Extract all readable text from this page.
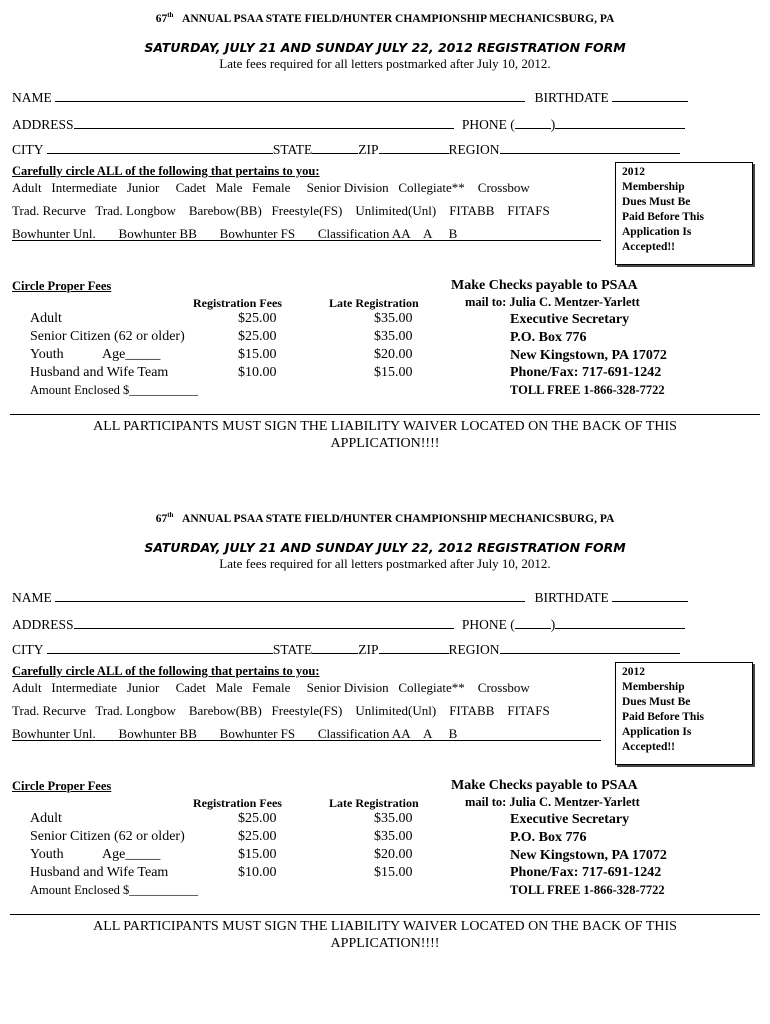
67th ANNUAL PSAA STATE FIELD/HUNTER CHAMPIONSHIP MECHANICSBURG, PA
SATURDAY, JULY 21 AND SUNDAY JULY 22, 2012 REGISTRATION FORM
Late fees required for all letters postmarked after July 10, 2012.
NAME	BIRTHDATE
ADDRESS	PHONE (	)
CITY	STATE	ZIP	REGION
Carefully circle ALL of the following that pertains to you:
Adult Intermediate Junior Cadet Male Female Senior Division Collegiate** Crossbow
Trad. Recurve Trad. Longbow Barebow(BB) Freestyle(FS) Unlimited(Unl) FITABB FITAFS
Bowhunter Unl. Bowhunter BB Bowhunter FS Classification AA A B
2012
Membership
Dues Must Be
Paid Before This
Application Is
Accepted!!
Circle Proper Fees
Registration Fees	Late Registration
Adult	$25.00	$35.00
Senior Citizen (62 or older)	$25.00	$35.00
Youth	Age_____	$15.00	$20.00
Husband and Wife Team	$10.00	$15.00
Amount Enclosed $___________
Make Checks payable to PSAA
mail to: Julia C. Mentzer-Yarlett
Executive Secretary
P.O. Box 776
New Kingstown, PA 17072
Phone/Fax: 717-691-1242
TOLL FREE 1-866-328-7722
ALL PARTICIPANTS MUST SIGN THE LIABILITY WAIVER LOCATED ON THE BACK OF THIS APPLICATION!!!!
67th ANNUAL PSAA STATE FIELD/HUNTER CHAMPIONSHIP MECHANICSBURG, PA
SATURDAY, JULY 21 AND SUNDAY JULY 22, 2012 REGISTRATION FORM
Late fees required for all letters postmarked after July 10, 2012.
NAME	BIRTHDATE
ADDRESS	PHONE (	)
CITY	STATE	ZIP	REGION
Carefully circle ALL of the following that pertains to you:
Adult Intermediate Junior Cadet Male Female Senior Division Collegiate** Crossbow
Trad. Recurve Trad. Longbow Barebow(BB) Freestyle(FS) Unlimited(Unl) FITABB FITAFS
Bowhunter Unl. Bowhunter BB Bowhunter FS Classification AA A B
2012
Membership
Dues Must Be
Paid Before This
Application Is
Accepted!!
Circle Proper Fees
Registration Fees	Late Registration
Adult	$25.00	$35.00
Senior Citizen (62 or older)	$25.00	$35.00
Youth	Age_____	$15.00	$20.00
Husband and Wife Team	$10.00	$15.00
Amount Enclosed $___________
Make Checks payable to PSAA
mail to: Julia C. Mentzer-Yarlett
Executive Secretary
P.O. Box 776
New Kingstown, PA 17072
Phone/Fax: 717-691-1242
TOLL FREE 1-866-328-7722
ALL PARTICIPANTS MUST SIGN THE LIABILITY WAIVER LOCATED ON THE BACK OF THIS APPLICATION!!!!
